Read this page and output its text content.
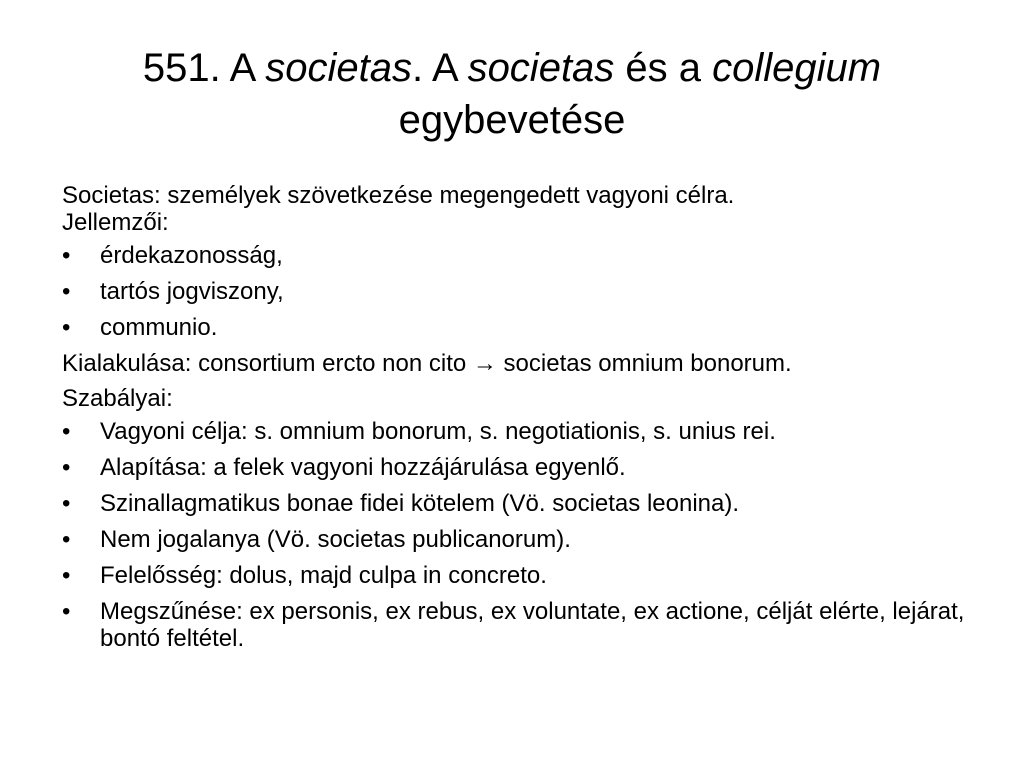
551. A societas. A societas és a collegium
egybevetése
Societas: személyek szövetkezése megengedett vagyoni célra.
Jellemzői:
•	érdekazonosság,
•	tartós jogviszony,
•	communio.
Kialakulása: consortium ercto non cito → societas omnium bonorum.
Szabályai:
•	Vagyoni célja: s. omnium bonorum, s. negotiationis, s. unius rei.
•	Alapítása: a felek vagyoni hozzájárulása egyenlő.
•	Szinallagmatikus bonae fidei kötelem (Vö. societas leonina).
•	Nem jogalanya (Vö. societas publicanorum).
•	Felelősség: dolus, majd culpa in concreto.
•	Megszűnése: ex personis, ex rebus, ex voluntate, ex actione, célját elérte, lejárat, bontó feltétel.
